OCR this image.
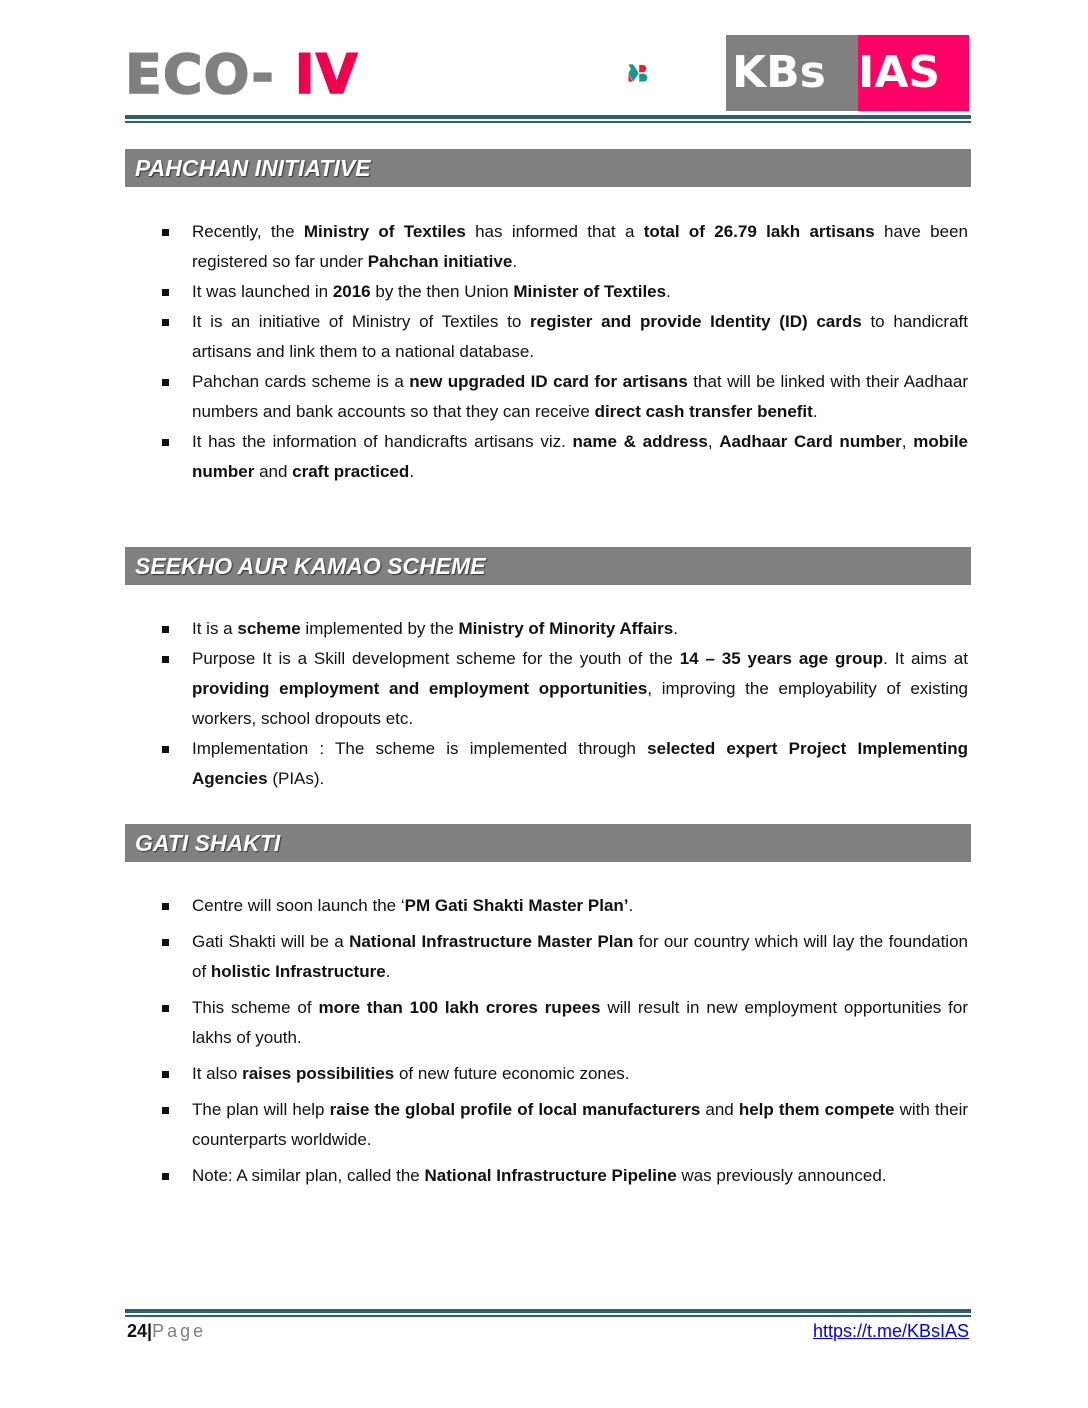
ECO- IV	KBs IAS
PAHCHAN INITIATIVE
Recently, the Ministry of Textiles has informed that a total of 26.79 lakh artisans have been registered so far under Pahchan initiative.
It was launched in 2016 by the then Union Minister of Textiles.
It is an initiative of Ministry of Textiles to register and provide Identity (ID) cards to handicraft artisans and link them to a national database.
Pahchan cards scheme is a new upgraded ID card for artisans that will be linked with their Aadhaar numbers and bank accounts so that they can receive direct cash transfer benefit.
It has the information of handicrafts artisans viz. name & address, Aadhaar Card number, mobile number and craft practiced.
SEEKHO AUR KAMAO SCHEME
It is a scheme implemented by the Ministry of Minority Affairs.
Purpose It is a Skill development scheme for the youth of the 14 – 35 years age group. It aims at providing employment and employment opportunities, improving the employability of existing workers, school dropouts etc.
Implementation : The scheme is implemented through selected expert Project Implementing Agencies (PIAs).
GATI SHAKTI
Centre will soon launch the ‘PM Gati Shakti Master Plan’.
Gati Shakti will be a National Infrastructure Master Plan for our country which will lay the foundation of holistic Infrastructure.
This scheme of more than 100 lakh crores rupees will result in new employment opportunities for lakhs of youth.
It also raises possibilities of new future economic zones.
The plan will help raise the global profile of local manufacturers and help them compete with their counterparts worldwide.
Note: A similar plan, called the National Infrastructure Pipeline was previously announced.
24|Page	https://t.me/KBsIAS
